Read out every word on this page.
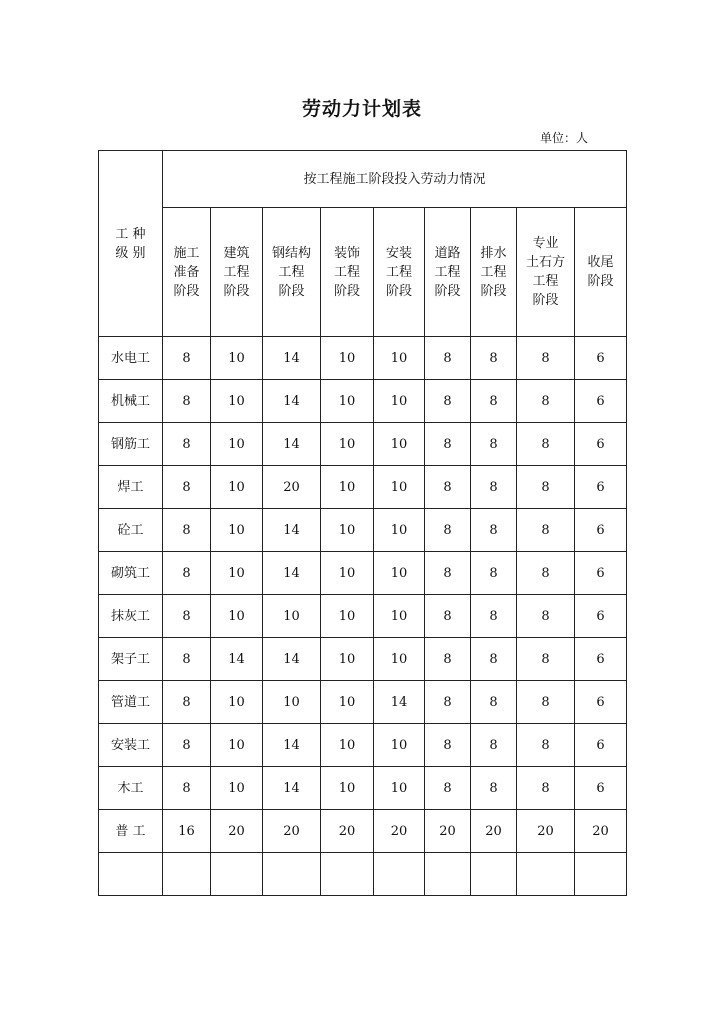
劳动力计划表
单位：人
工 种
级 别	按工程施工阶段投入劳动力情况								

	施工
准备
阶段	建筑
工程
阶段	钢结构
工程
阶段	装饰
工程
阶段	安装
工程
阶段	道路
工程
阶段	排水
工程
阶段	专业
土石方
工程
阶段	收尾
阶段

水电工	8	10	14	10	10	8	8	8	6
机械工	8	10	14	10	10	8	8	8	6
钢筋工	8	10	14	10	10	8	8	8	6
焊工	8	10	20	10	10	8	8	8	6
砼工	8	10	14	10	10	8	8	8	6
砌筑工	8	10	14	10	10	8	8	8	6
抹灰工	8	10	10	10	10	8	8	8	6
架子工	8	14	14	10	10	8	8	8	6
管道工	8	10	10	10	14	8	8	8	6
安装工	8	10	14	10	10	8	8	8	6
木工	8	10	14	10	10	8	8	8	6
普 工	16	20	20	20	20	20	20	20	20
